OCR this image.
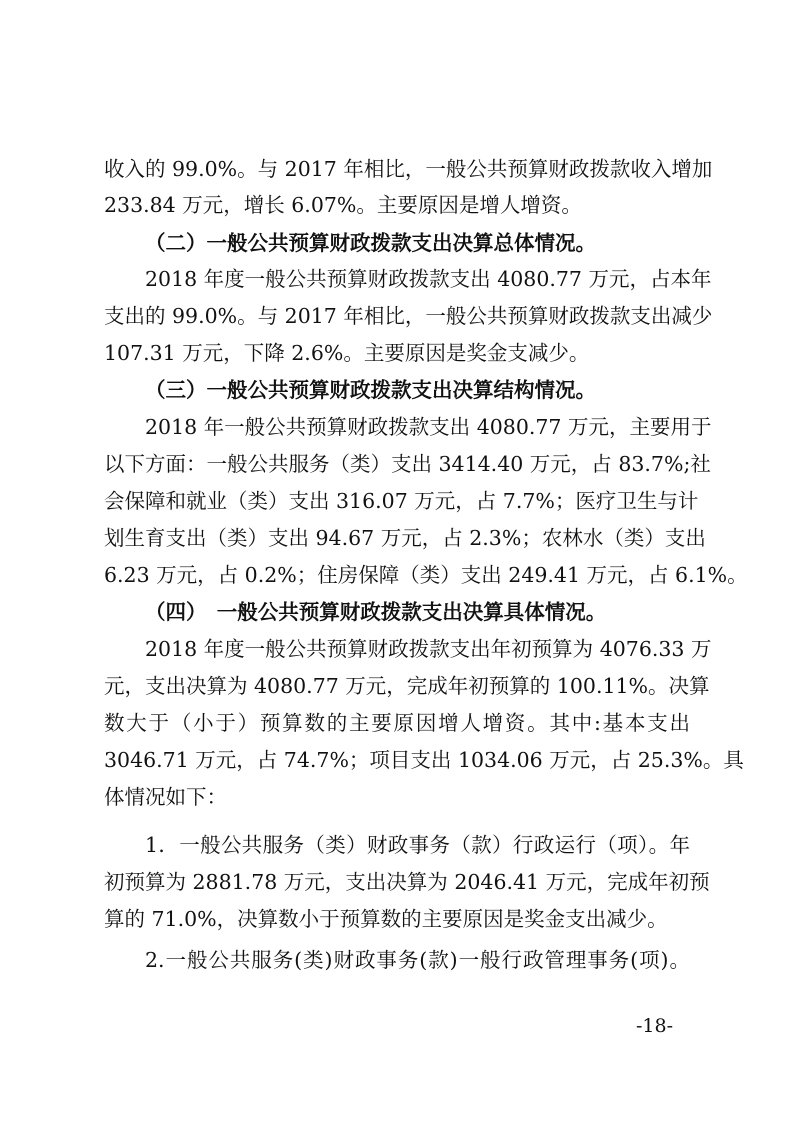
收入的 99.0%。与 2017 年相比，一般公共预算财政拨款收入增加
233.84 万元，增长 6.07%。主要原因是增人增资。
（二）一般公共预算财政拨款支出决算总体情况。
2018 年度一般公共预算财政拨款支出 4080.77 万元，占本年
支出的 99.0%。与 2017 年相比，一般公共预算财政拨款支出减少
107.31 万元，下降 2.6%。主要原因是奖金支减少。
（三）一般公共预算财政拨款支出决算结构情况。
2018 年一般公共预算财政拨款支出 4080.77 万元，主要用于
以下方面：一般公共服务（类）支出 3414.40 万元，占 83.7%;社
会保障和就业（类）支出 316.07 万元，占 7.7%；医疗卫生与计
划生育支出（类）支出 94.67 万元，占 2.3%；农林水（类）支出
6.23 万元，占 0.2%；住房保障（类）支出 249.41 万元，占 6.1%。
（四）　一般公共预算财政拨款支出决算具体情况。
2018 年度一般公共预算财政拨款支出年初预算为 4076.33 万
元，支出决算为 4080.77 万元，完成年初预算的 100.11%。决算
数大于（小于）预算数的主要原因增人增资。其中:基本支出
3046.71 万元，占 74.7%；项目支出 1034.06 万元，占 25.3%。具
体情况如下：
1．一般公共服务（类）财政事务（款）行政运行（项）。年
初预算为 2881.78 万元，支出决算为 2046.41 万元，完成年初预
算的 71.0%，决算数小于预算数的主要原因是奖金支出减少。
2.一般公共服务(类)财政事务(款)一般行政管理事务(项)。
-18-
